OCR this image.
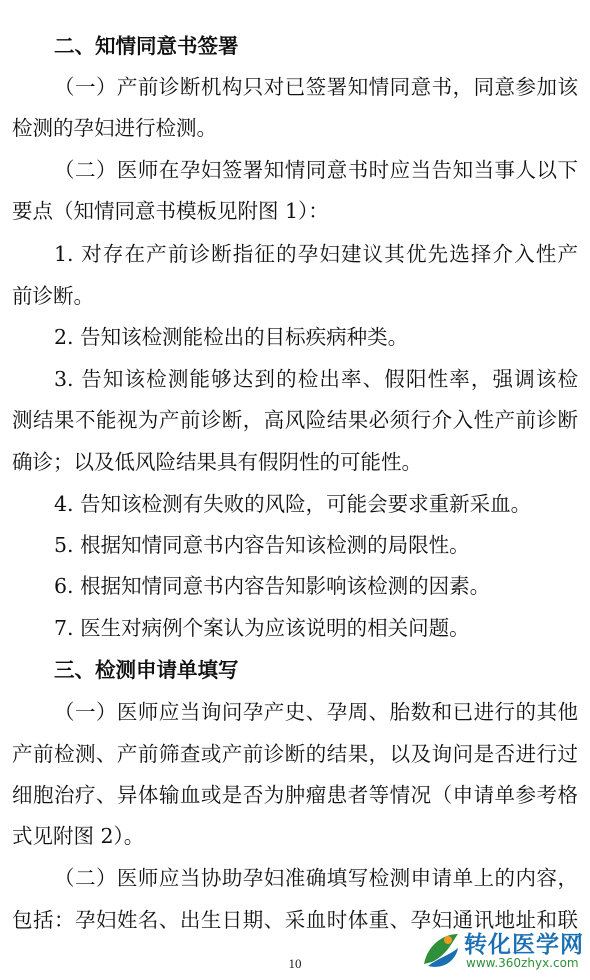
二、知情同意书签署
（一）产前诊断机构只对已签署知情同意书，同意参加该
检测的孕妇进行检测。
（二）医师在孕妇签署知情同意书时应当告知当事人以下
要点（知情同意书模板见附图 1）：
1. 对存在产前诊断指征的孕妇建议其优先选择介入性产
前诊断。
2. 告知该检测能检出的目标疾病种类。
3. 告知该检测能够达到的检出率、假阳性率，强调该检
测结果不能视为产前诊断，高风险结果必须行介入性产前诊断
确诊；以及低风险结果具有假阴性的可能性。
4. 告知该检测有失败的风险，可能会要求重新采血。
5. 根据知情同意书内容告知该检测的局限性。
6. 根据知情同意书内容告知影响该检测的因素。
7. 医生对病例个案认为应该说明的相关问题。
三、检测申请单填写
（一）医师应当询问孕产史、孕周、胎数和已进行的其他
产前检测、产前筛查或产前诊断的结果，以及询问是否进行过
细胞治疗、异体输血或是否为肿瘤患者等情况（申请单参考格
式见附图 2）。
（二）医师应当协助孕妇准确填写检测申请单上的内容，
包括：孕妇姓名、出生日期、采血时体重、孕妇通讯地址和联
10
转化医学网
www.360zhyx.com
